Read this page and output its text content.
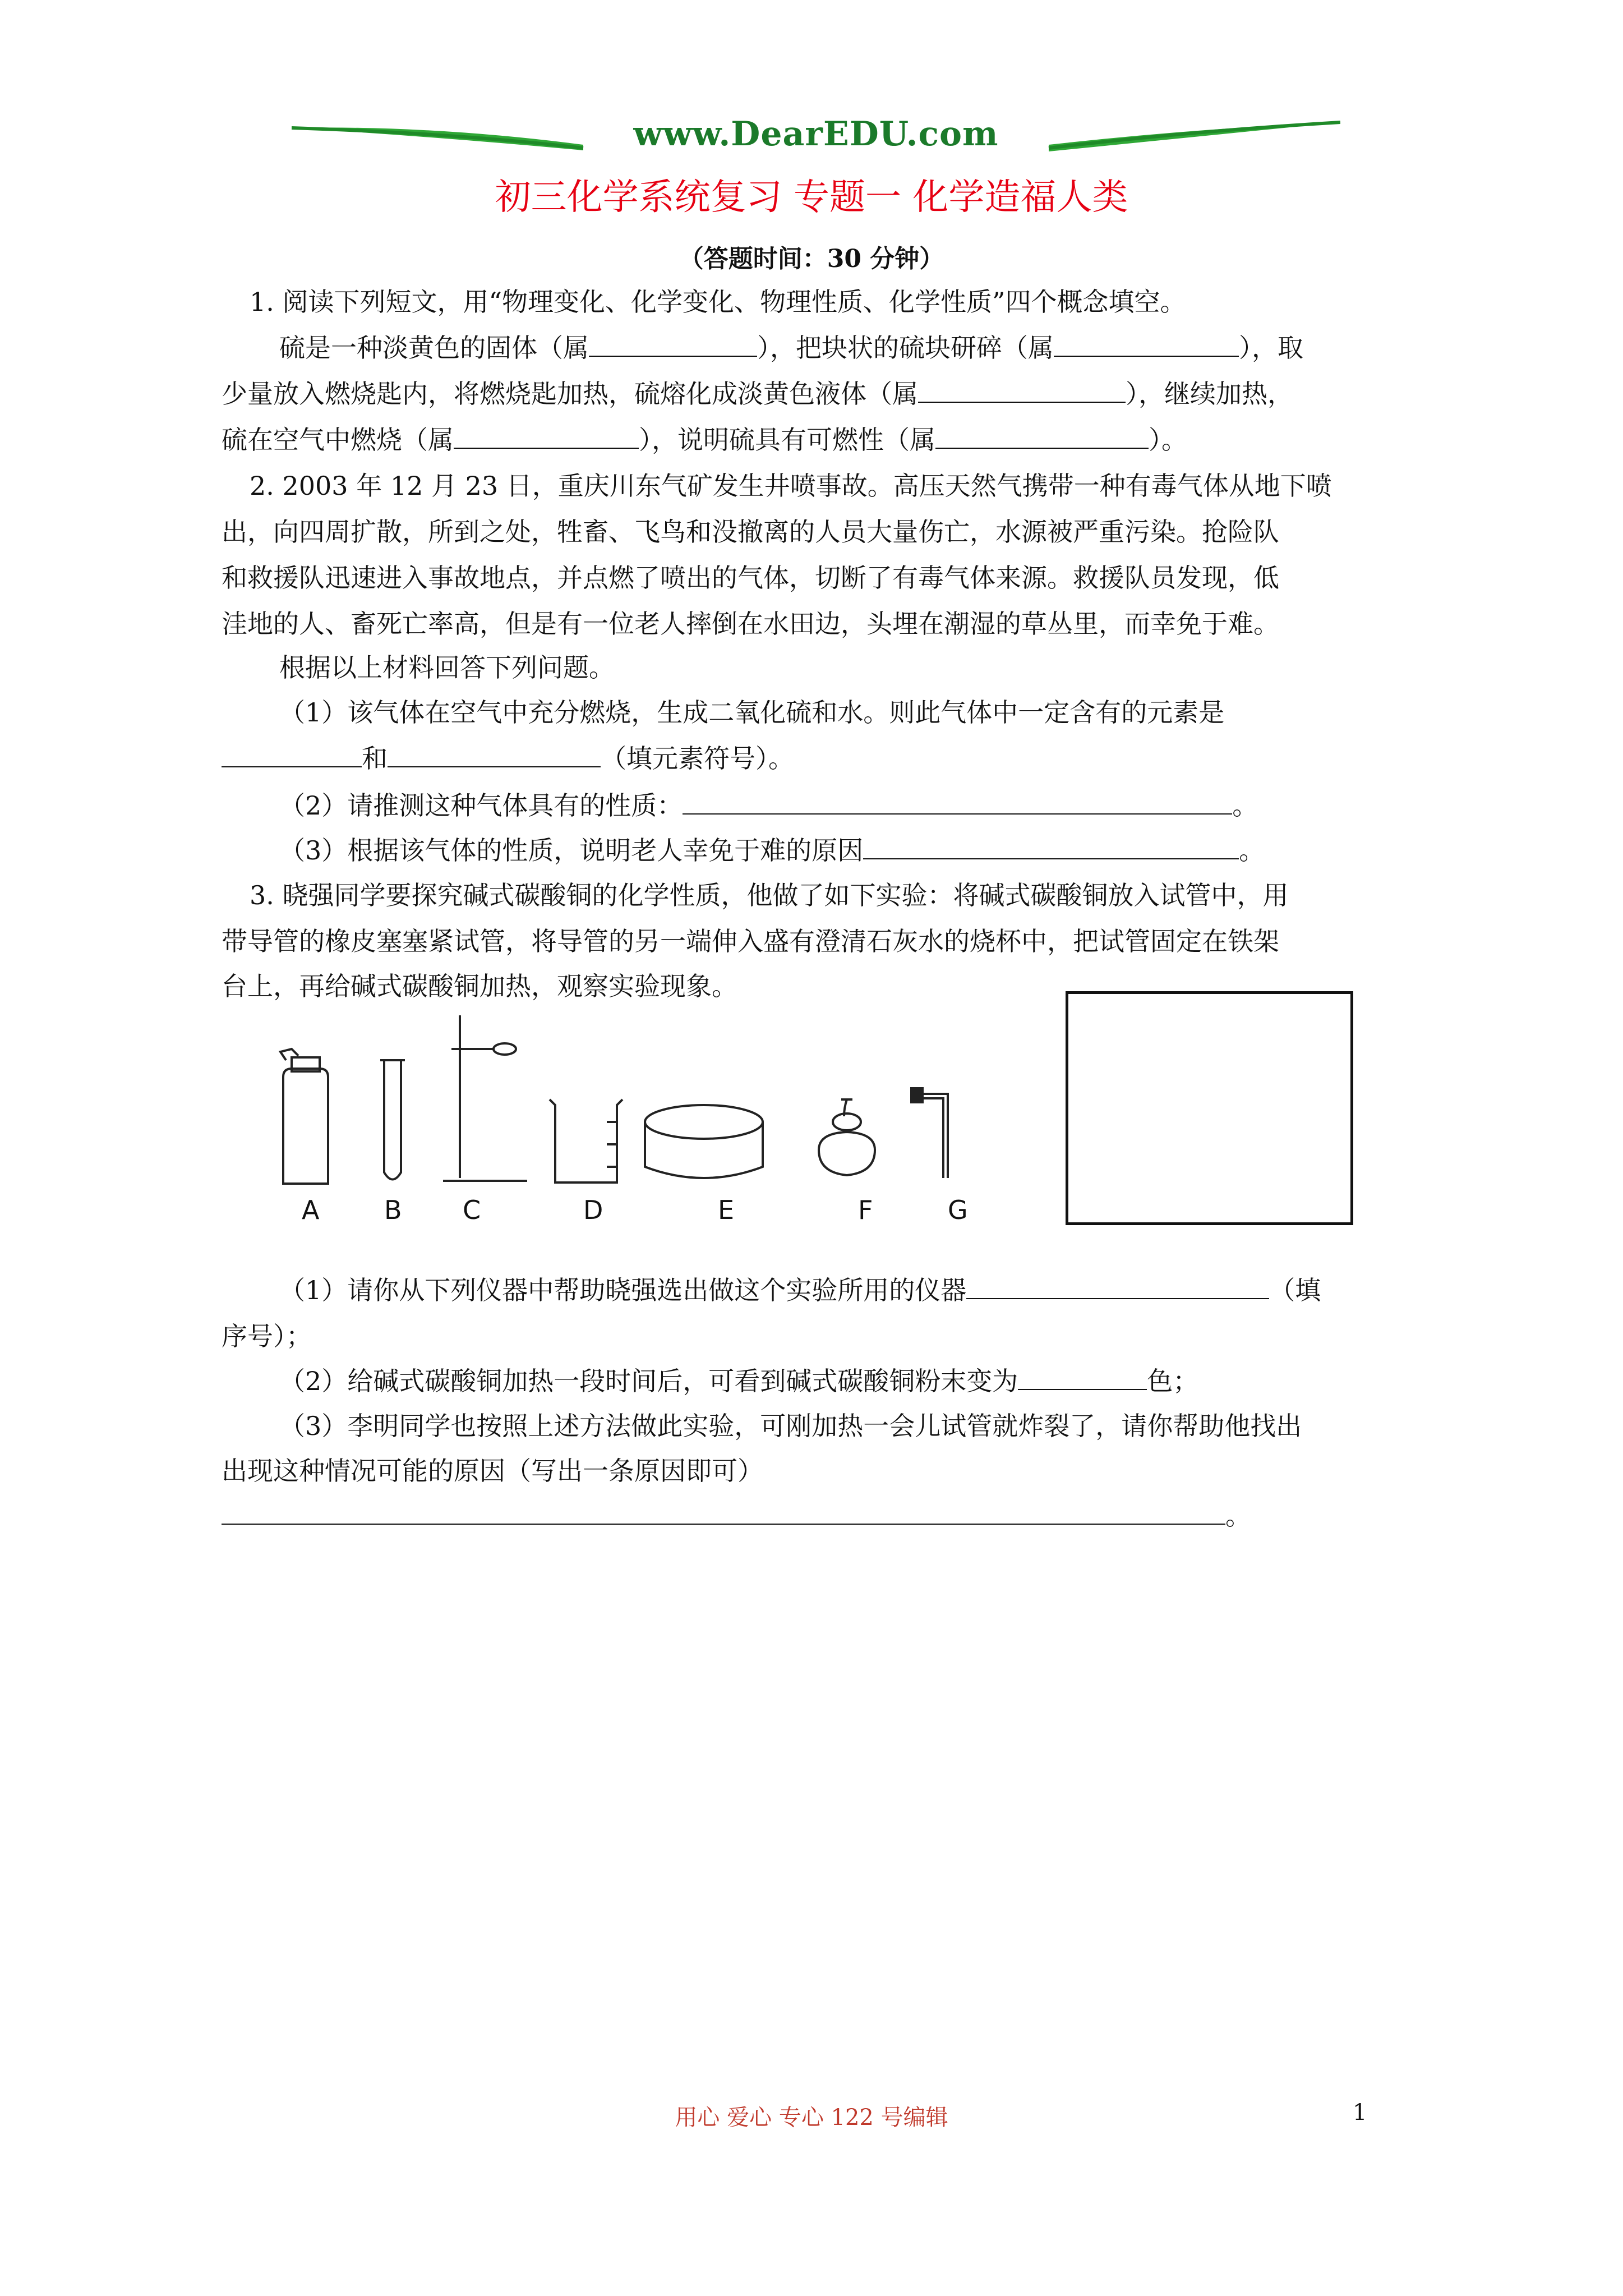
www.DearEDU.com
初三化学系统复习 专题一 化学造福人类
（答题时间：30 分钟）
1. 阅读下列短文，用“物理变化、化学变化、物理性质、化学性质”四个概念填空。
硫是一种淡黄色的固体（属	），把块状的硫块研碎（属	），取
少量放入燃烧匙内，将燃烧匙加热，硫熔化成淡黄色液体（属	），继续加热，
硫在空气中燃烧（属	），说明硫具有可燃性（属	）。
2. 2003 年 12 月 23 日，重庆川东气矿发生井喷事故。高压天然气携带一种有毒气体从地下喷
出，向四周扩散，所到之处，牲畜、飞鸟和没撤离的人员大量伤亡，水源被严重污染。抢险队
和救援队迅速进入事故地点，并点燃了喷出的气体，切断了有毒气体来源。救援队员发现，低
洼地的人、畜死亡率高，但是有一位老人摔倒在水田边，头埋在潮湿的草丛里，而幸免于难。
根据以上材料回答下列问题。
（1）该气体在空气中充分燃烧，生成二氧化硫和水。则此气体中一定含有的元素是
和	（填元素符号）。
（2）请推测这种气体具有的性质：	。
（3）根据该气体的性质，说明老人幸免于难的原因	。
3. 晓强同学要探究碱式碳酸铜的化学性质，他做了如下实验：将碱式碳酸铜放入试管中，用
带导管的橡皮塞塞紧试管，将导管的另一端伸入盛有澄清石灰水的烧杯中，把试管固定在铁架
台上，再给碱式碳酸铜加热，观察实验现象。
A	B C	D	E	F	G
（1）请你从下列仪器中帮助晓强选出做这个实验所用的仪器	（填
序号）；
（2）给碱式碳酸铜加热一段时间后，可看到碱式碳酸铜粉末变为	色；
（3）李明同学也按照上述方法做此实验，可刚加热一会儿试管就炸裂了，请你帮助他找出
出现这种情况可能的原因（写出一条原因即可）
。
用心 爱心 专心 122 号编辑	1
